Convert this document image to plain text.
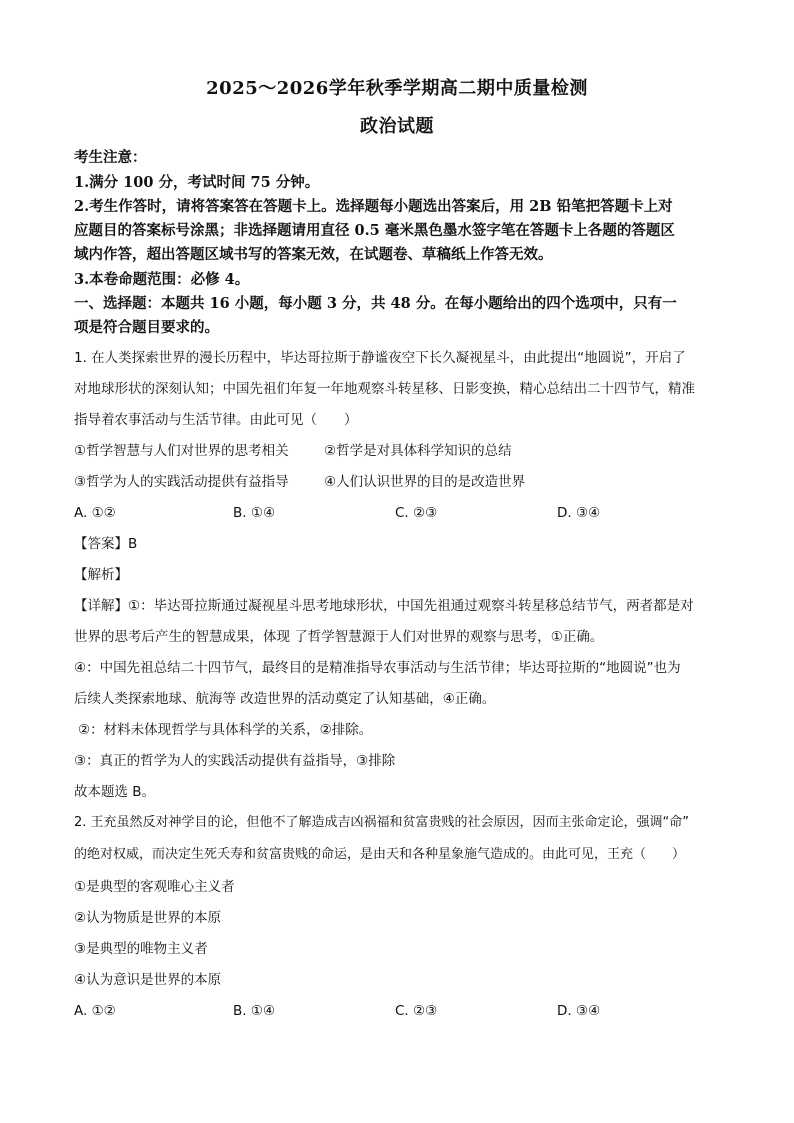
2025～2026学年秋季学期高二期中质量检测
政治试题
考生注意：
1.满分 100 分，考试时间 75 分钟。
2.考生作答时，请将答案答在答题卡上。选择题每小题选出答案后，用 2B 铅笔把答题卡上对
应题目的答案标号涂黑；非选择题请用直径 0.5 毫米黑色墨水签字笔在答题卡上各题的答题区
域内作答，超出答题区域书写的答案无效，在试题卷、草稿纸上作答无效。
3.本卷命题范围：必修 4。
一、选择题：本题共 16 小题，每小题 3 分，共 48 分。在每小题给出的四个选项中，只有一
项是符合题目要求的。
1. 在人类探索世界的漫长历程中，毕达哥拉斯于静谧夜空下长久凝视星斗，由此提出“地圆说”，开启了
对地球形状的深刻认知；中国先祖们年复一年地观察斗转星移、日影变换，精心总结出二十四节气，精准
指导着农事活动与生活节律。由此可见（　　）
①哲学智慧与人们对世界的思考相关	②哲学是对具体科学知识的总结
③哲学为人的实践活动提供有益指导	④人们认识世界的目的是改造世界
A. ①②	B. ①④	C. ②③	D. ③④
【答案】B
【解析】
【详解】①：毕达哥拉斯通过凝视星斗思考地球形状，中国先祖通过观察斗转星移总结节气，两者都是对
世界的思考后产生的智慧成果，体现 了哲学智慧源于人们对世界的观察与思考，①正确。
④：中国先祖总结二十四节气，最终目的是精准指导农事活动与生活节律；毕达哥拉斯的“地圆说”也为
后续人类探索地球、航海等 改造世界的活动奠定了认知基础，④正确。
②：材料未体现哲学与具体科学的关系，②排除。
③：真正的哲学为人的实践活动提供有益指导，③排除
故本题选 B。
2. 王充虽然反对神学目的论，但他不了解造成吉凶祸福和贫富贵贱的社会原因，因而主张命定论，强调“命”
的绝对权威，而决定生死夭寿和贫富贵贱的命运，是由天和各种星象施气造成的。由此可见，王充（　　）
①是典型的客观唯心主义者
②认为物质是世界的本原
③是典型的唯物主义者
④认为意识是世界的本原
A. ①②	B. ①④	C. ②③	D. ③④
